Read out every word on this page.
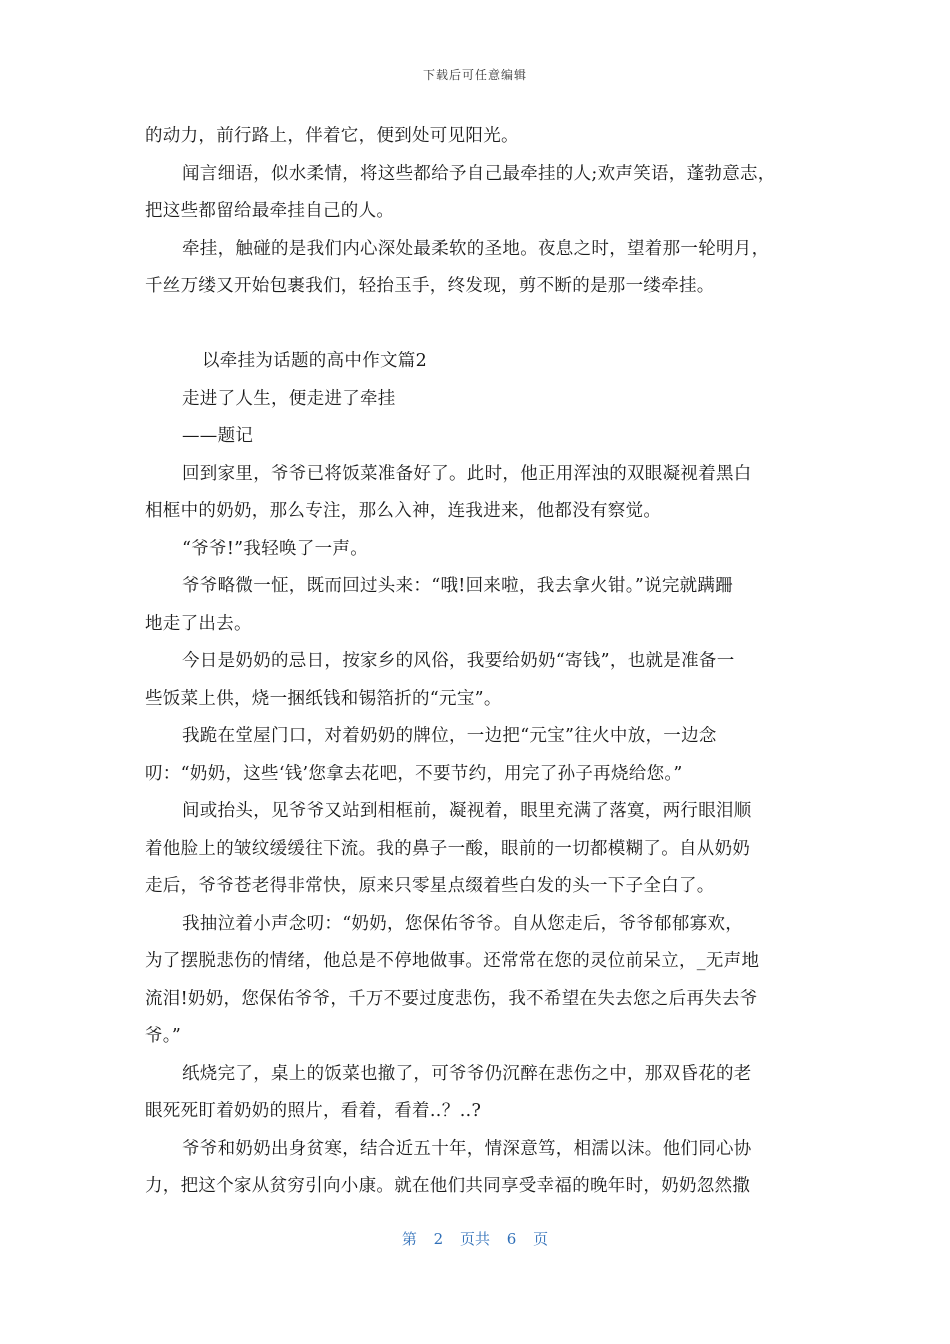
下载后可任意编辑
的动力，前行路上，伴着它，便到处可见阳光。
闻言细语，似水柔情，将这些都给予自己最牵挂的人;欢声笑语，蓬勃意志，
把这些都留给最牵挂自己的人。
牵挂，触碰的是我们内心深处最柔软的圣地。夜息之时，望着那一轮明月，
千丝万缕又开始包裹我们，轻抬玉手，终发现，剪不断的是那一缕牵挂。
以牵挂为话题的高中作文篇2
走进了人生，便走进了牵挂
——题记
回到家里，爷爷已将饭菜准备好了。此时，他正用浑浊的双眼凝视着黑白
相框中的奶奶，那么专注，那么入神，连我进来，他都没有察觉。
“爷爷!”我轻唤了一声。
爷爷略微一怔，既而回过头来：“哦!回来啦，我去拿火钳。”说完就蹒跚
地走了出去。
今日是奶奶的忌日，按家乡的风俗，我要给奶奶“寄钱”，也就是准备一
些饭菜上供，烧一捆纸钱和锡箔折的“元宝”。
我跪在堂屋门口，对着奶奶的牌位，一边把“元宝”往火中放，一边念
叨：“奶奶，这些‘钱’您拿去花吧，不要节约，用完了孙子再烧给您。”
间或抬头，见爷爷又站到相框前，凝视着，眼里充满了落寞，两行眼泪顺
着他脸上的皱纹缓缓往下流。我的鼻子一酸，眼前的一切都模糊了。自从奶奶
走后，爷爷苍老得非常快，原来只零星点缀着些白发的头一下子全白了。
我抽泣着小声念叨：“奶奶，您保佑爷爷。自从您走后，爷爷郁郁寡欢，
为了摆脱悲伤的情绪，他总是不停地做事。还常常在您的灵位前呆立，_无声地
流泪!奶奶，您保佑爷爷，千万不要过度悲伤，我不希望在失去您之后再失去爷
爷。”
纸烧完了，桌上的饭菜也撤了，可爷爷仍沉醉在悲伤之中，那双昏花的老
眼死死盯着奶奶的照片，看着，看着‥？‥?
爷爷和奶奶出身贫寒，结合近五十年，情深意笃，相濡以沫。他们同心协
力，把这个家从贫穷引向小康。就在他们共同享受幸福的晚年时，奶奶忽然撒
第 2 页共 6 页
